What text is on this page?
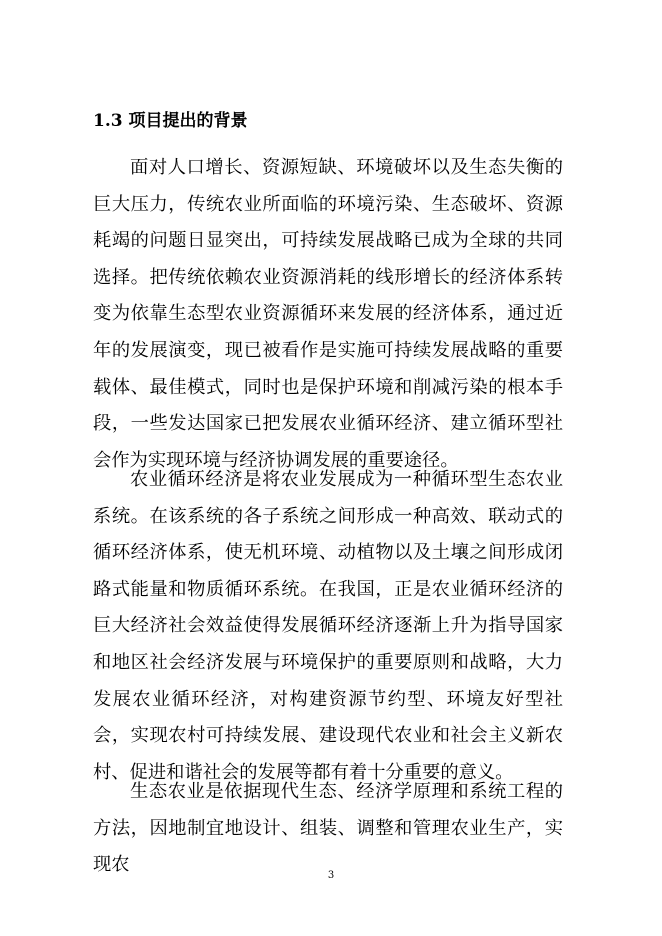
1.3 项目提出的背景

面对人口增长、资源短缺、环境破坏以及生态失衡的巨大压力，传统农业所面临的环境污染、生态破坏、资源耗竭的问题日显突出，可持续发展战略已成为全球的共同选择。把传统依赖农业资源消耗的线形增长的经济体系转变为依靠生态型农业资源循环来发展的经济体系，通过近年的发展演变，现已被看作是实施可持续发展战略的重要载体、最佳模式，同时也是保护环境和削减污染的根本手段，一些发达国家已把发展农业循环经济、建立循环型社会作为实现环境与经济协调发展的重要途径。

农业循环经济是将农业发展成为一种循环型生态农业系统。在该系统的各子系统之间形成一种高效、联动式的循环经济体系，使无机环境、动植物以及土壤之间形成闭路式能量和物质循环系统。在我国，正是农业循环经济的巨大经济社会效益使得发展循环经济逐渐上升为指导国家和地区社会经济发展与环境保护的重要原则和战略，大力发展农业循环经济，对构建资源节约型、环境友好型社会，实现农村可持续发展、建设现代农业和社会主义新农村、促进和谐社会的发展等都有着十分重要的意义。

生态农业是依据现代生态、经济学原理和系统工程的方法，因地制宜地设计、组装、调整和管理农业生产，实现农

3
